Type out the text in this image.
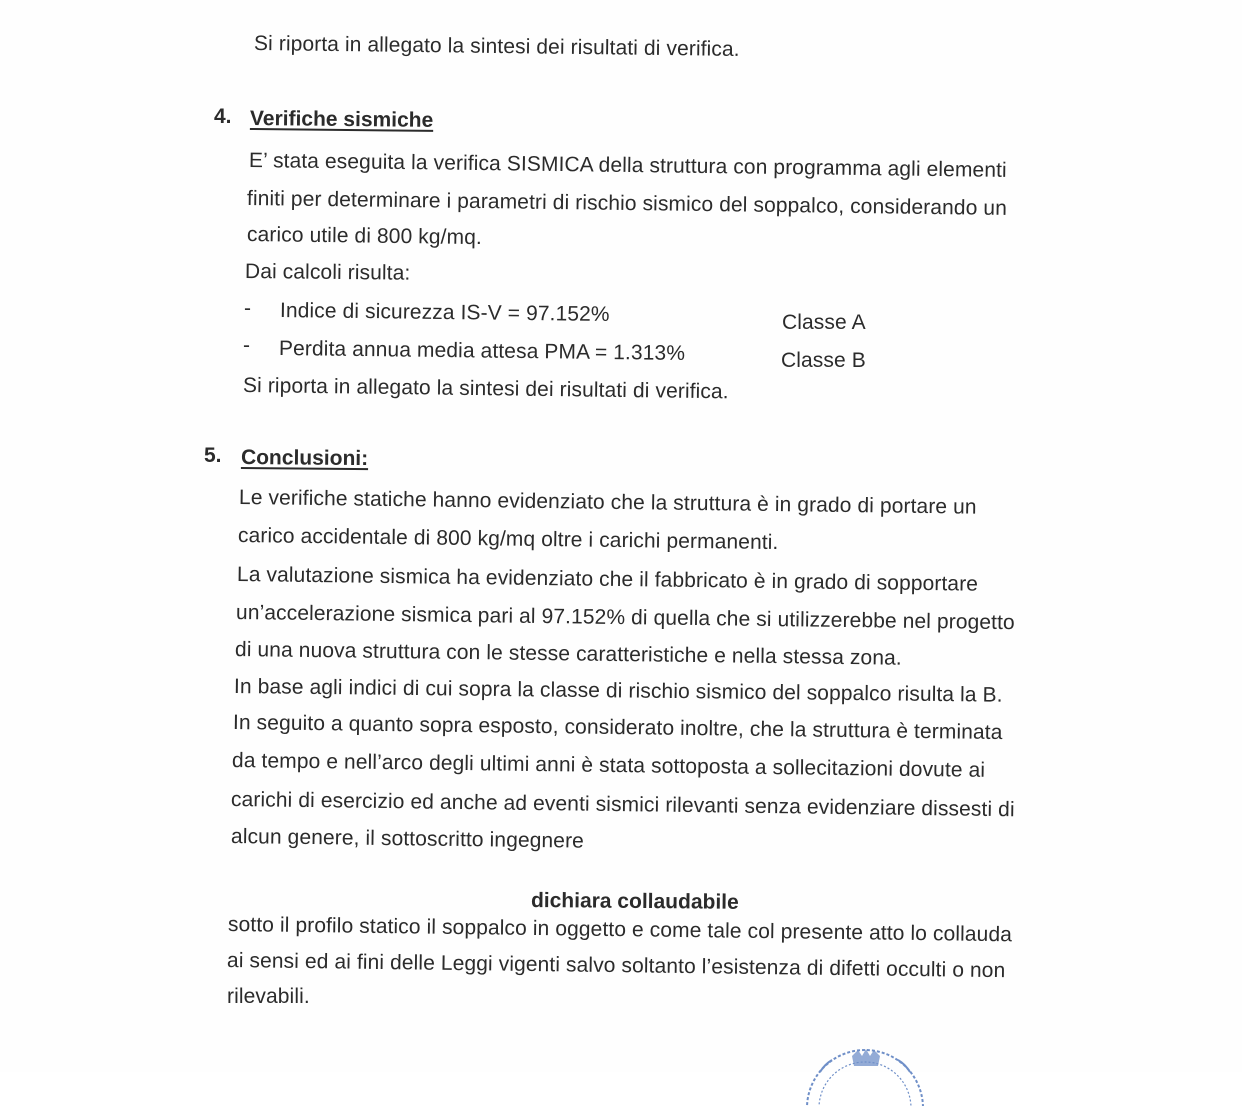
Si riporta in allegato la sintesi dei risultati di verifica.
4. Verifiche sismiche
E’ stata eseguita la verifica SISMICA della struttura con programma agli elementi
finiti per determinare i parametri di rischio sismico del soppalco, considerando un
carico utile di 800 kg/mq.
Dai calcoli risulta:
- Indice di sicurezza IS-V = 97.152%	Classe A
- Perdita annua media attesa PMA = 1.313%	Classe B
Si riporta in allegato la sintesi dei risultati di verifica.
5. Conclusioni:
Le verifiche statiche hanno evidenziato che la struttura è in grado di portare un
carico accidentale di 800 kg/mq oltre i carichi permanenti.
La valutazione sismica ha evidenziato che il fabbricato è in grado di sopportare
un’accelerazione sismica pari al 97.152% di quella che si utilizzerebbe nel progetto
di una nuova struttura con le stesse caratteristiche e nella stessa zona.
In base agli indici di cui sopra la classe di rischio sismico del soppalco risulta la B.
In seguito a quanto sopra esposto, considerato inoltre, che la struttura è terminata
da tempo e nell’arco degli ultimi anni è stata sottoposta a sollecitazioni dovute ai
carichi di esercizio ed anche ad eventi sismici rilevanti senza evidenziare dissesti di
alcun genere, il sottoscritto ingegnere
dichiara collaudabile
sotto il profilo statico il soppalco in oggetto e come tale col presente atto lo collauda
ai sensi ed ai fini delle Leggi vigenti salvo soltanto l’esistenza di difetti occulti o non
rilevabili.
